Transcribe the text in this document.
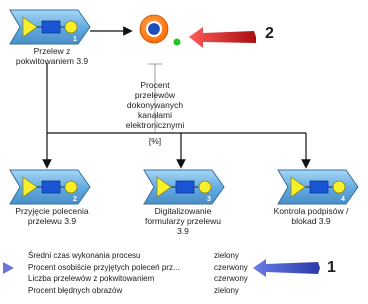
1
2	3	4
Przelew z
pokwitowaniem 3.9
Procent
przelewów
dokonywanych
kanałami
elektronicznymi
[%]
Przyjęcie polecenia
przelewu 3.9
Digitalizowanie
formularzy przelewu
3.9
Kontrola podpisów /
blokad 3.9
2
1
Średni czas wykonania procesu	zielony
Procent osobiście przyjętych poleceń prz...	czerwony
Liczba przelewów z pokwitowaniem	czerwony
Procent błędnych obrazów	zielony
